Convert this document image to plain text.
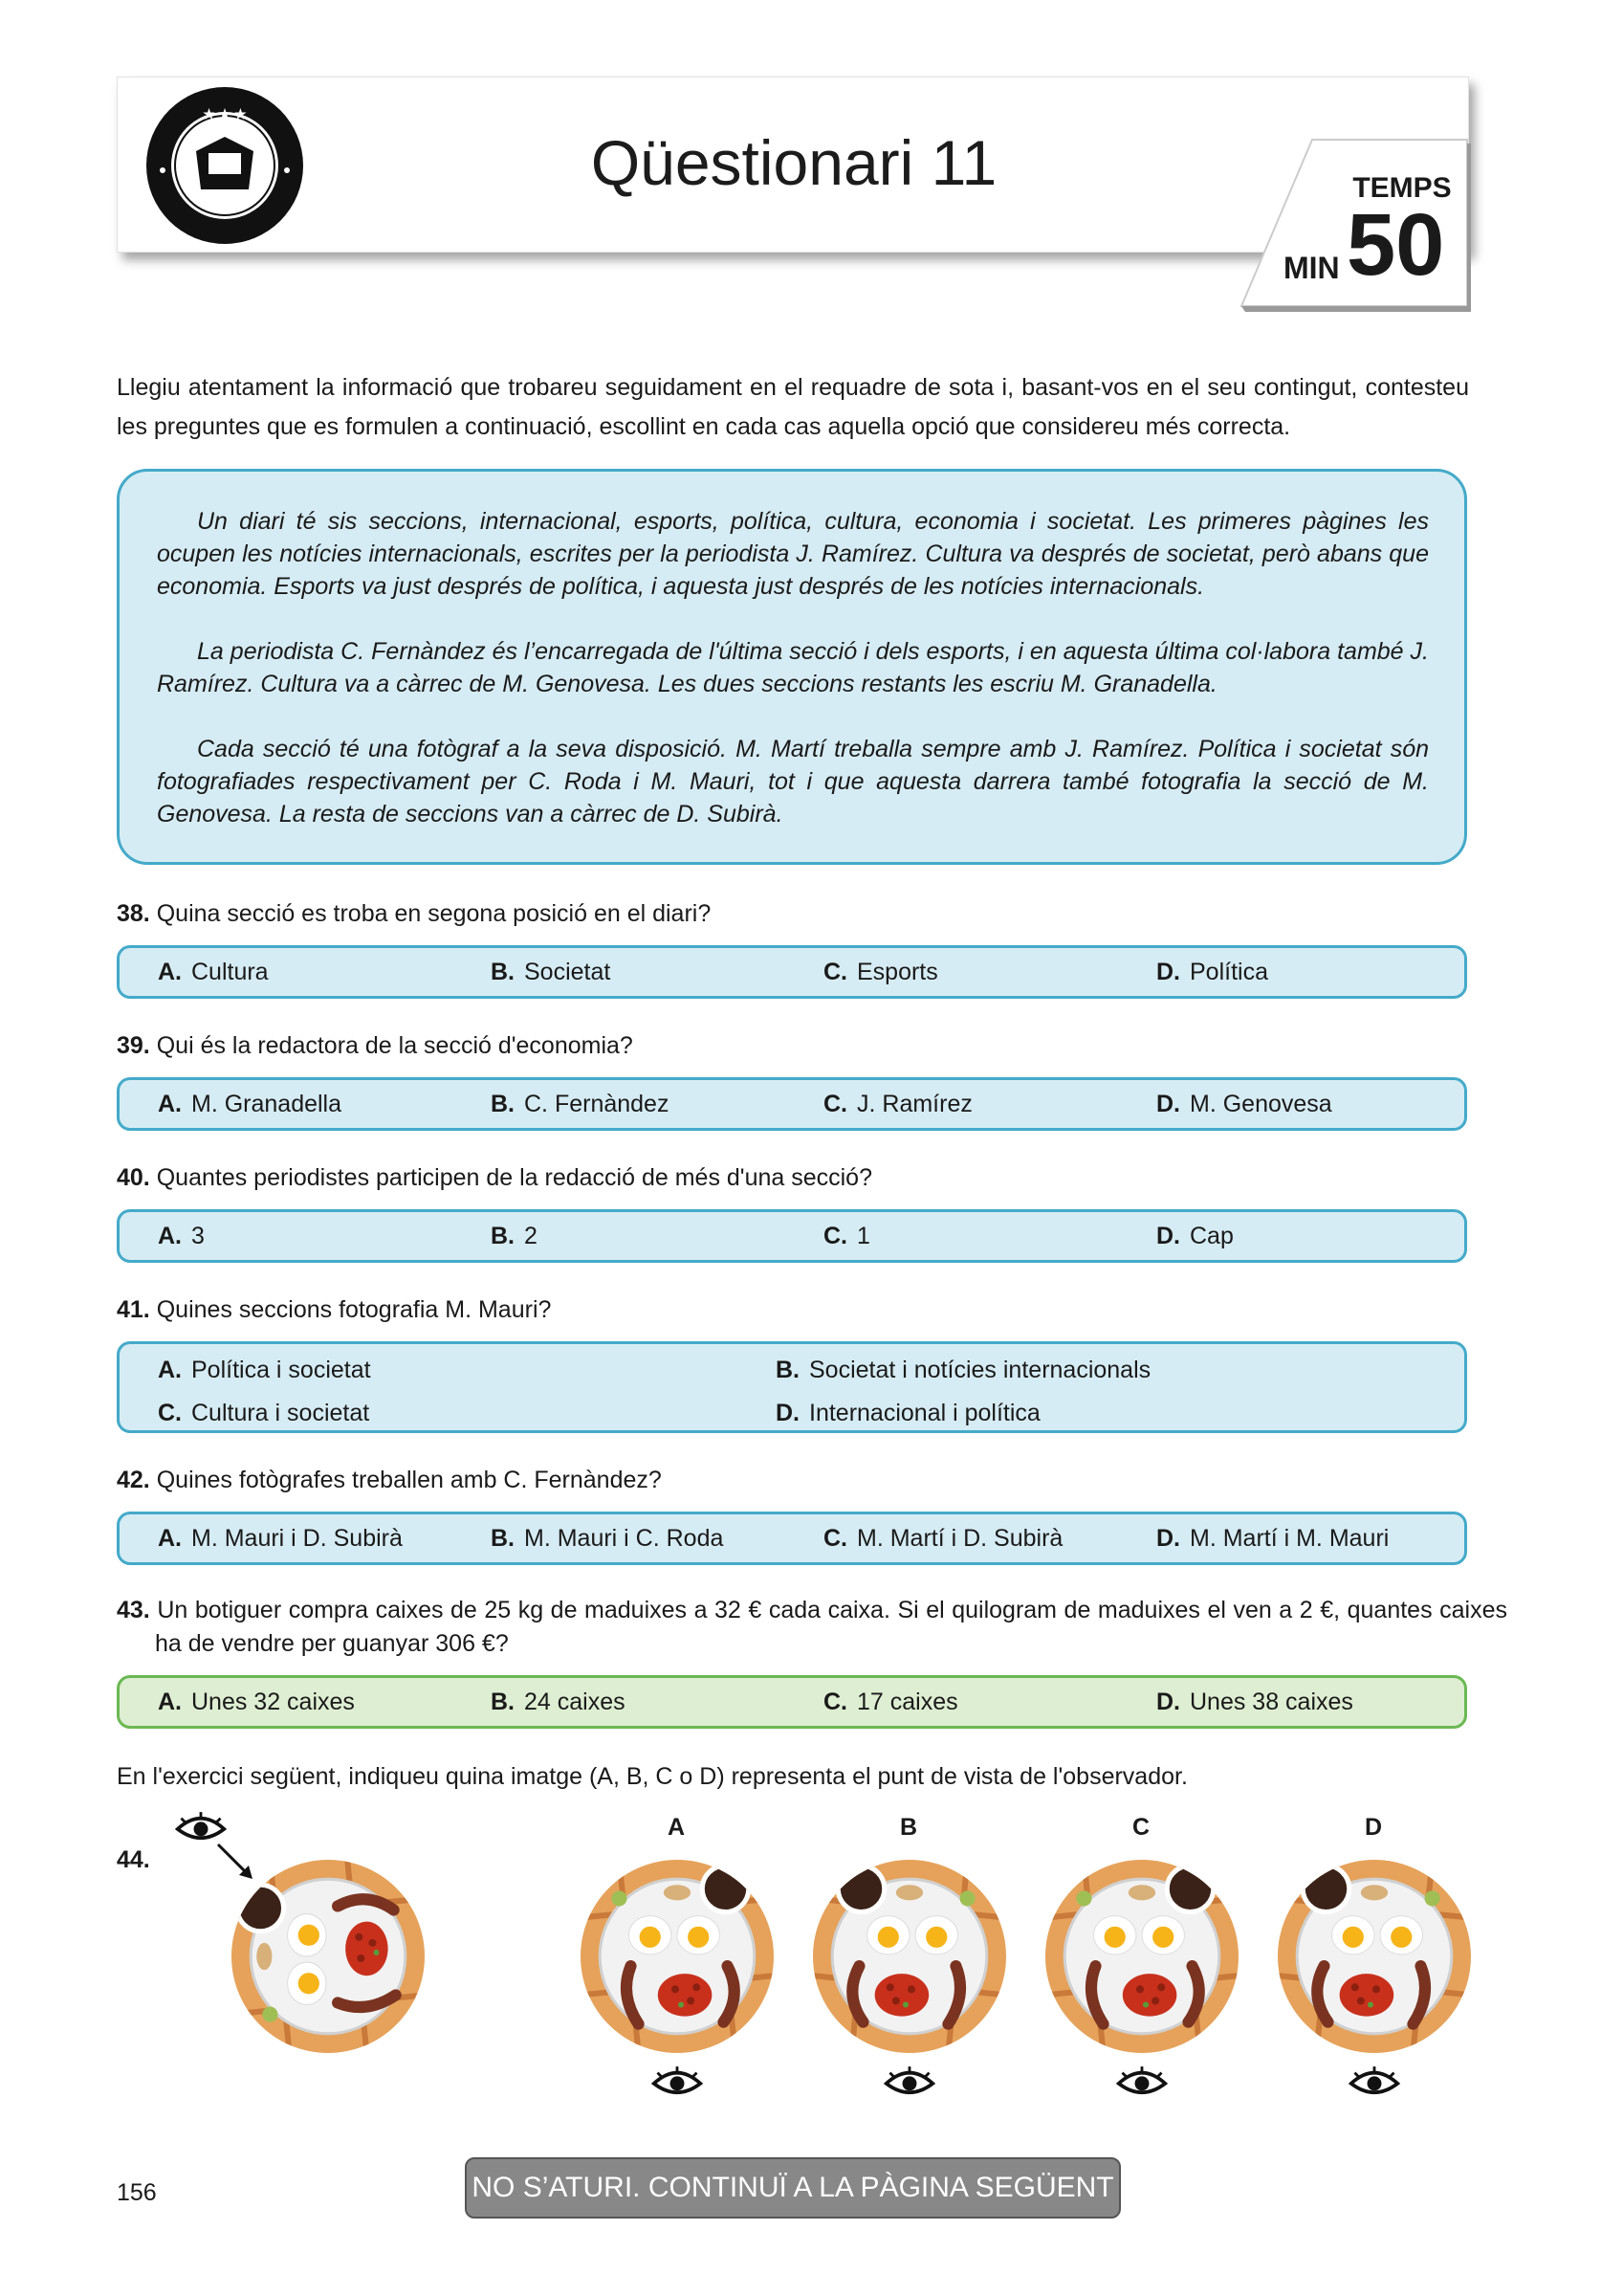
★ ★ ★
Qüestionari 11	TEMPS
MIN 50
Llegiu atentament la informació que trobareu seguidament en el requadre de sota i, basant-vos en el seu contingut, contesteu les preguntes que es formulen a continuació, escollint en cada cas aquella opció que considereu més correcta.
Un diari té sis seccions, internacional, esports, política, cultura, economia i societat. Les primeres pàgines les ocupen les notícies internacionals, escrites per la periodista J. Ramírez. Cultura va després de societat, però abans que economia. Esports va just després de política, i aquesta just després de les notícies internacionals.
La periodista C. Fernàndez és l’encarregada de l'última secció i dels esports, i en aquesta última col·labora també J. Ramírez. Cultura va a càrrec de M. Genovesa. Les dues seccions restants les escriu M. Granadella.
Cada secció té una fotògraf a la seva disposició. M. Martí treballa sempre amb J. Ramírez. Política i societat són fotografiades respectivament per C. Roda i M. Mauri, tot i que aquesta darrera també fotografia la secció de M. Genovesa. La resta de seccions van a càrrec de D. Subirà.
38. Quina secció es troba en segona posició en el diari?
A. Cultura	B. Societat	C. Esports	D. Política
39. Qui és la redactora de la secció d'economia?
A. M. Granadella	B. C. Fernàndez	C. J. Ramírez	D. M. Genovesa
40. Quantes periodistes participen de la redacció de més d'una secció?
A. 3	B. 2	C. 1	D. Cap
41. Quines seccions fotografia M. Mauri?
A. Política i societat	B. Societat i notícies internacionals
C. Cultura i societat	D. Internacional i política
42. Quines fotògrafes treballen amb C. Fernàndez?
A. M. Mauri i D. Subirà	B. M. Mauri i C. Roda	C. M. Martí i D. Subirà	D. M. Martí i M. Mauri
43. Un botiguer compra caixes de 25 kg de maduixes a 32 € cada caixa. Si el quilogram de maduixes el ven a 2 €, quantes caixes ha de vendre per guanyar 306 €?
A. Unes 32 caixes	B. 24 caixes	C. 17 caixes	D. Unes 38 caixes
En l'exercici següent, indiqueu quina imatge (A, B, C o D) representa el punt de vista de l'observador.
44.
A	B	C	D
156	NO S’ATURI. CONTINUÏ A LA PÀGINA SEGÜENT
